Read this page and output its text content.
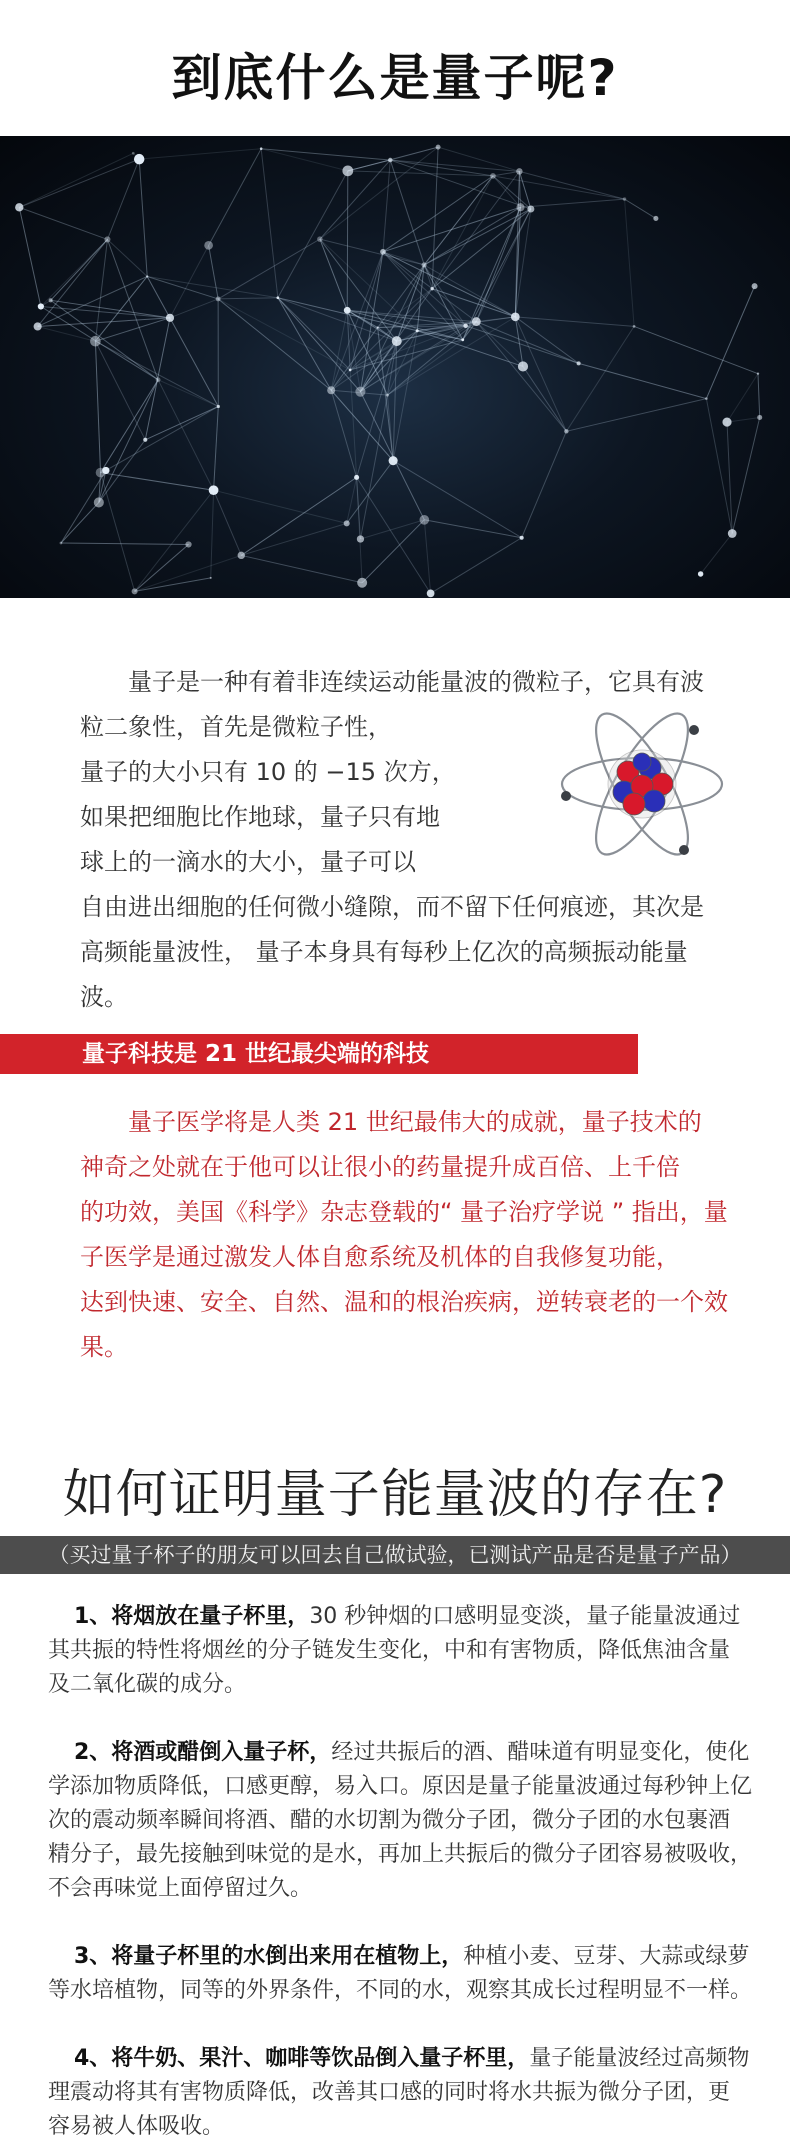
到底什么是量子呢?
量子是一种有着非连续运动能量波的微粒子，它具有波
粒二象性，首先是微粒子性，
量子的大小只有 10 的 −15 次方，
如果把细胞比作地球，量子只有地
球上的一滴水的大小，量子可以
自由进出细胞的任何微小缝隙，而不留下任何痕迹，其次是
高频能量波性， 量子本身具有每秒上亿次的高频振动能量
波。
量子科技是 21 世纪最尖端的科技
量子医学将是人类 21 世纪最伟大的成就，量子技术的
神奇之处就在于他可以让很小的药量提升成百倍、上千倍
的功效，美国《科学》杂志登载的“ 量子治疗学说 ” 指出，量
子医学是通过激发人体自愈系统及机体的自我修复功能，
达到快速、安全、自然、温和的根治疾病，逆转衰老的一个效
果。
如何证明量子能量波的存在?
（买过量子杯子的朋友可以回去自己做试验，已测试产品是否是量子产品）
1、将烟放在量子杯里，30 秒钟烟的口感明显变淡，量子能量波通过
其共振的特性将烟丝的分子链发生变化，中和有害物质，降低焦油含量
及二氧化碳的成分。
2、将酒或醋倒入量子杯，经过共振后的酒、醋味道有明显变化，使化
学添加物质降低，口感更醇，易入口。原因是量子能量波通过每秒钟上亿
次的震动频率瞬间将酒、醋的水切割为微分子团，微分子团的水包裹酒
精分子，最先接触到味觉的是水，再加上共振后的微分子团容易被吸收，
不会再味觉上面停留过久。
3、将量子杯里的水倒出来用在植物上，种植小麦、豆芽、大蒜或绿萝
等水培植物，同等的外界条件，不同的水，观察其成长过程明显不一样。
4、将牛奶、果汁、咖啡等饮品倒入量子杯里，量子能量波经过高频物
理震动将其有害物质降低，改善其口感的同时将水共振为微分子团，更
容易被人体吸收。
